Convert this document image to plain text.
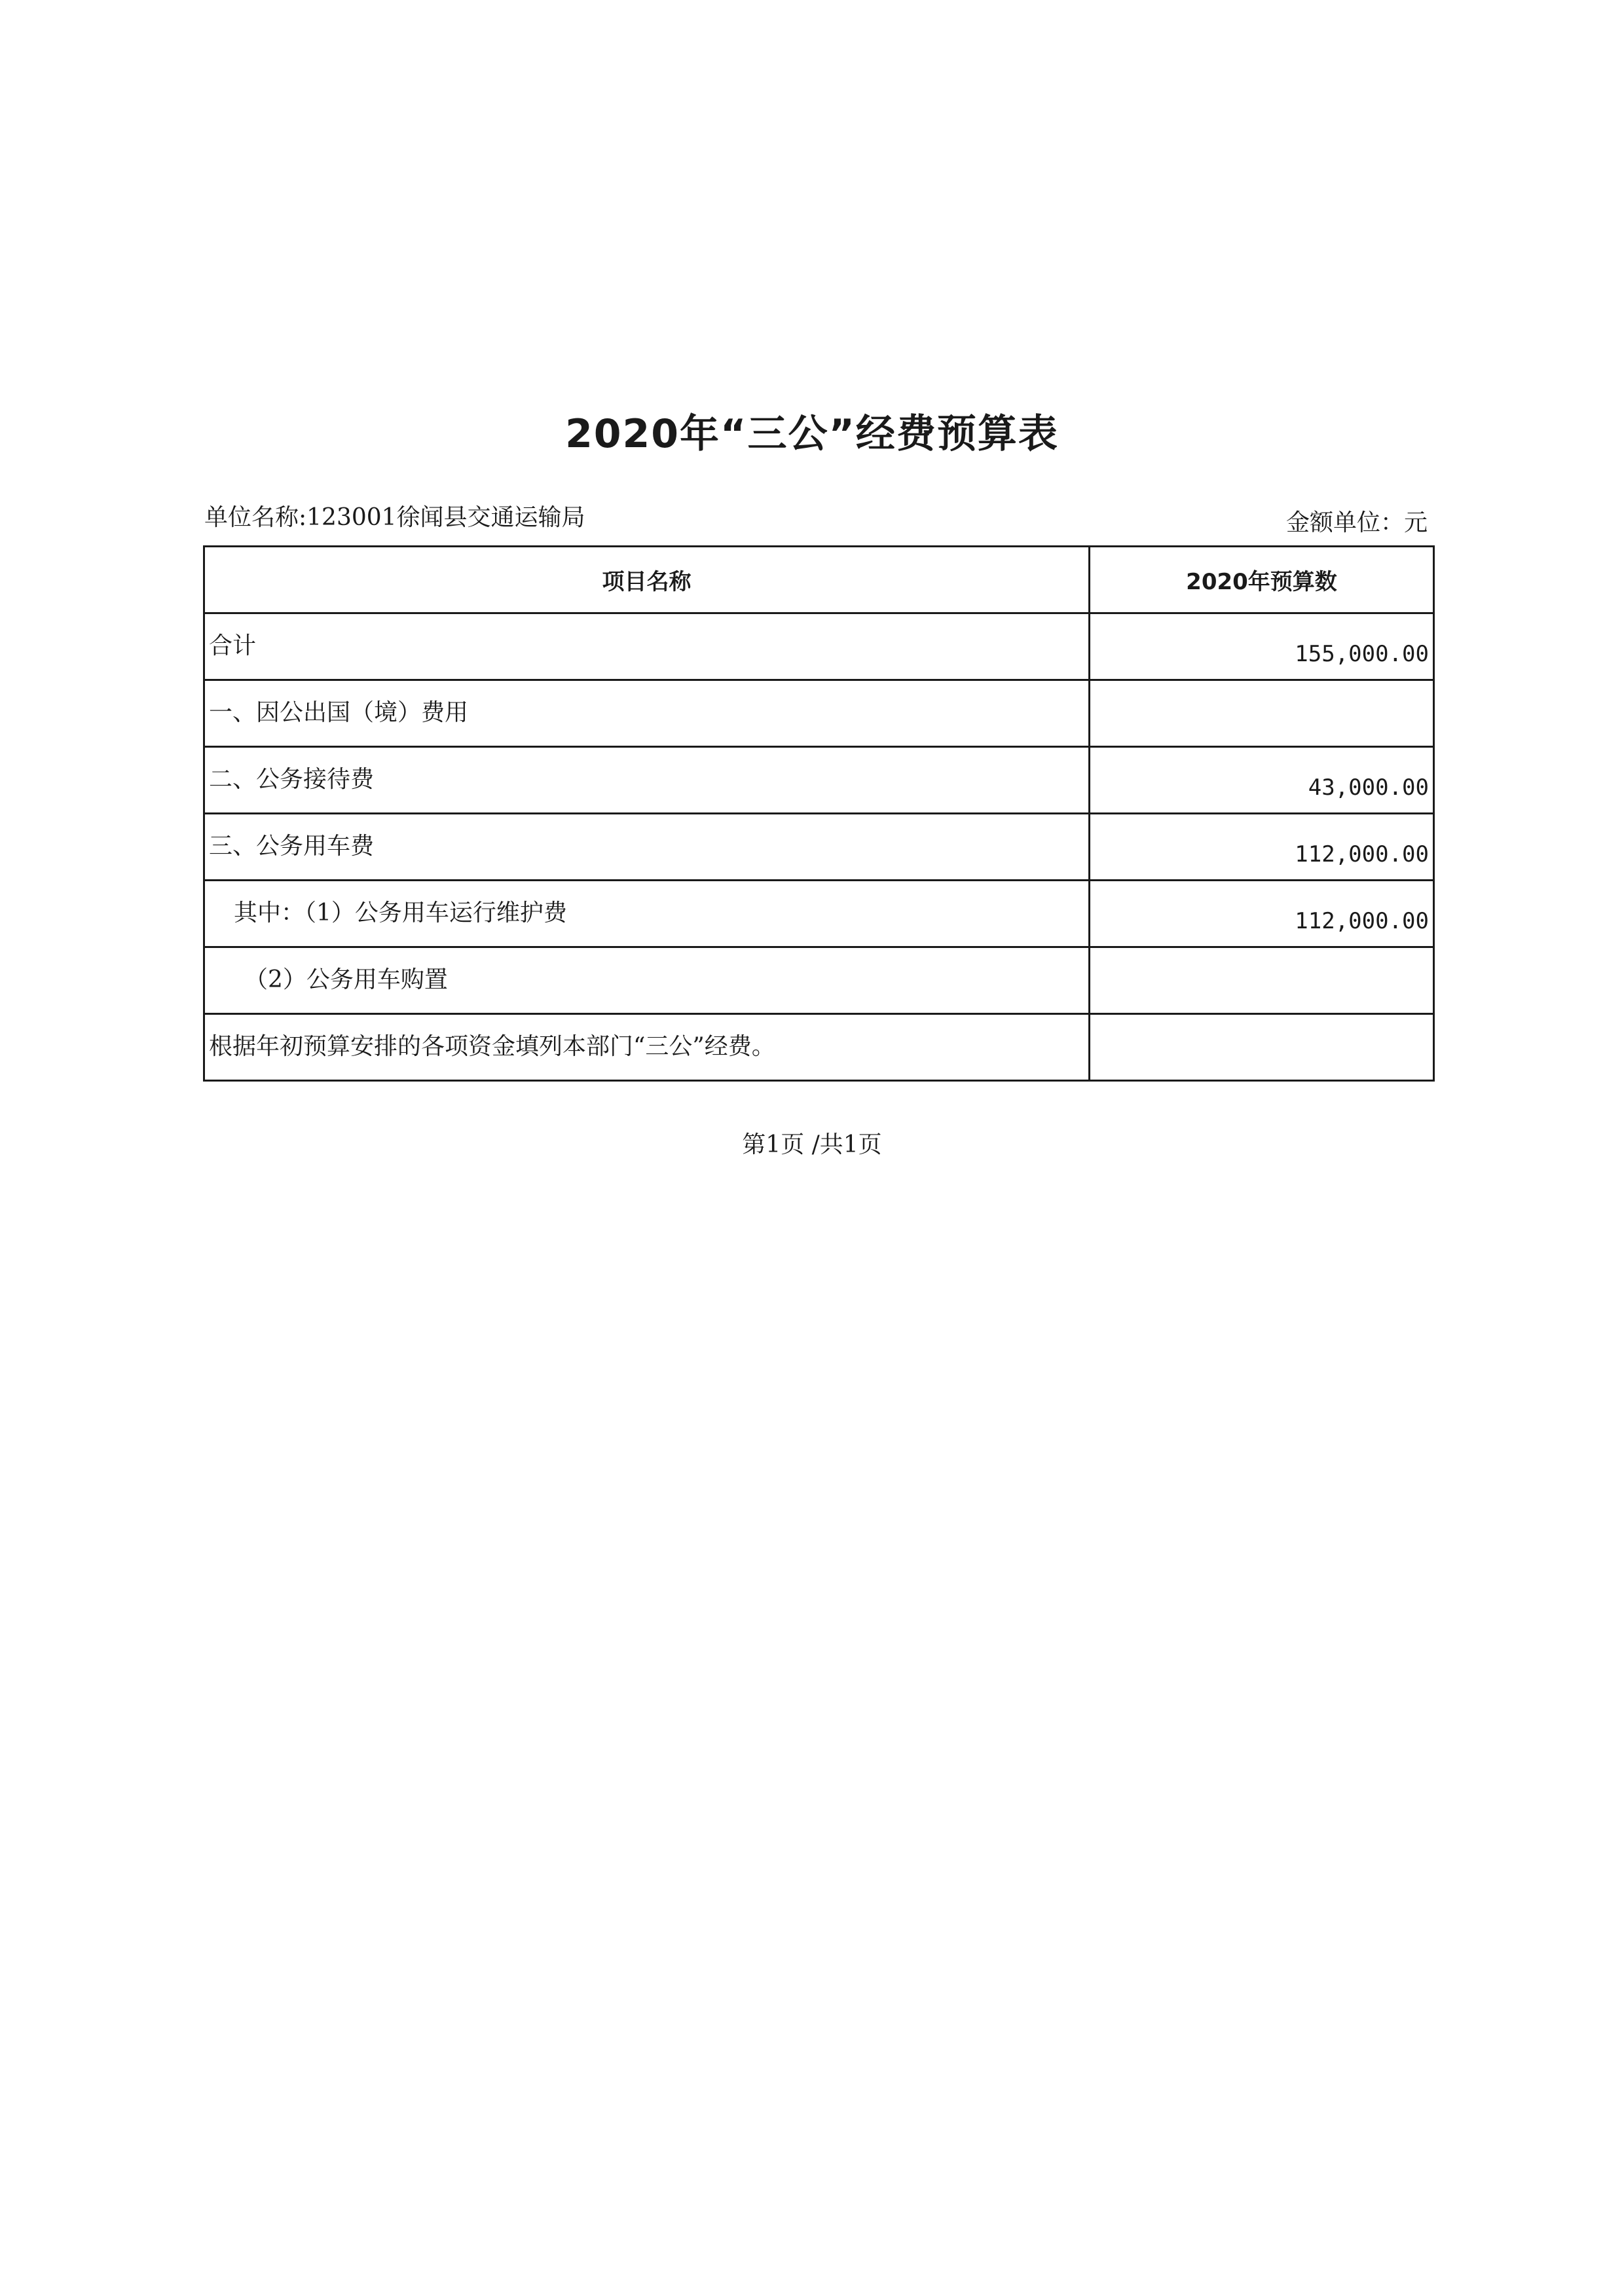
2020年“三公”经费预算表
单位名称:123001徐闻县交通运输局	金额单位：元
项目名称	2020年预算数
合计	155,000.00
一、因公出国（境）费用	
二、公务接待费	43,000.00
三、公务用车费	112,000.00
其中：（1）公务用车运行维护费	112,000.00
（2）公务用车购置	
根据年初预算安排的各项资金填列本部门“三公”经费。	
第1页 /共1页
